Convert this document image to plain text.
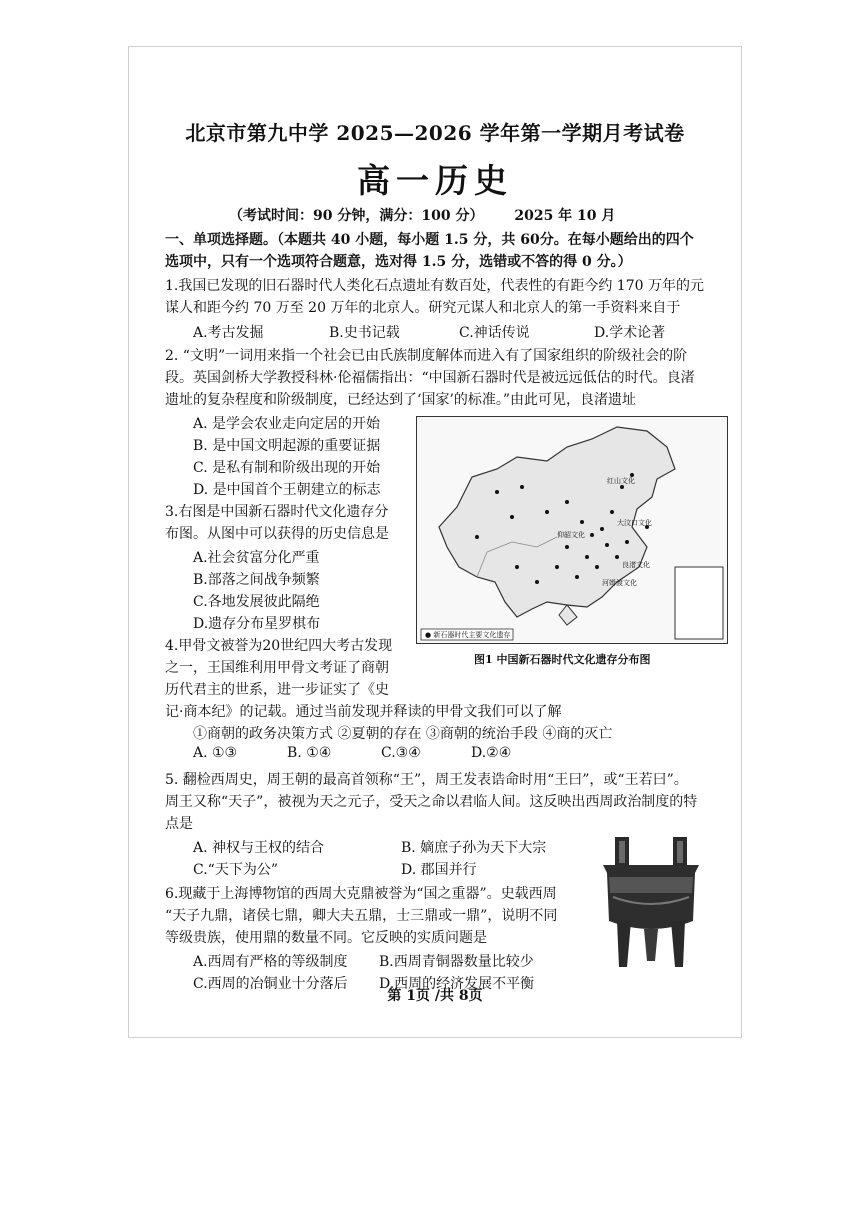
北京市第九中学 2025—2026 学年第一学期月考试卷
高一历史
（考试时间：90 分钟，满分：100 分） 2025 年 10 月
一、单项选择题。（本题共 40 小题，每小题 1.5 分，共 60分。在每小题给出的四个
选项中，只有一个选项符合题意，选对得 1.5 分，选错或不答的得 0 分。）
1.我国已发现的旧石器时代人类化石点遗址有数百处，代表性的有距今约 170 万年的元
谋人和距今约 70 万至 20 万年的北京人。研究元谋人和北京人的第一手资料来自于
A.考古发掘	B.史书记载	C.神话传说	D.学术论著
2. “文明”一词用来指一个社会已由氏族制度解体而进入有了国家组织的阶级社会的阶
段。英国剑桥大学教授科林·伦福儒指出：“中国新石器时代是被远远低估的时代。良渚
遗址的复杂程度和阶级制度，已经达到了‘国家’的标准。”由此可见，良渚遗址
A. 是学会农业走向定居的开始
B. 是中国文明起源的重要证据
C. 是私有制和阶级出现的开始
D. 是中国首个王朝建立的标志
3.右图是中国新石器时代文化遗存分
布图。从图中可以获得的历史信息是
A.社会贫富分化严重
B.部落之间战争频繁
C.各地发展彼此隔绝
D.遗存分布星罗棋布
红山文化
大汶口文化
仰韶文化
河姆渡文化
良渚文化
● 新石器时代主要文化遗存
图1 中国新石器时代文化遗存分布图
4.甲骨文被誉为20世纪四大考古发现
之一，王国维利用甲骨文考证了商朝
历代君主的世系，进一步证实了《史
记·商本纪》的记载。通过当前发现并释读的甲骨文我们可以了解
①商朝的政务决策方式 ②夏朝的存在 ③商朝的统治手段 ④商的灭亡
A. ①③	B. ①④	C.③④	D.②④
5. 翻检西周史，周王朝的最高首领称“王”，周王发表诰命时用“王曰”，或“王若曰”。
周王又称“天子”，被视为天之元子，受天之命以君临人间。这反映出西周政治制度的特
点是
A. 神权与王权的结合	B. 嫡庶子孙为天下大宗
C.“天下为公”	D. 郡国并行
6.现藏于上海博物馆的西周大克鼎被誉为“国之重器”。史载西周
“天子九鼎，诸侯七鼎，卿大夫五鼎，士三鼎或一鼎”，说明不同
等级贵族，使用鼎的数量不同。它反映的实质问题是
A.西周有严格的等级制度 B.西周青铜器数量比较少
C.西周的冶铜业十分落后 D.西周的经济发展不平衡
第 1页 /共 8页
